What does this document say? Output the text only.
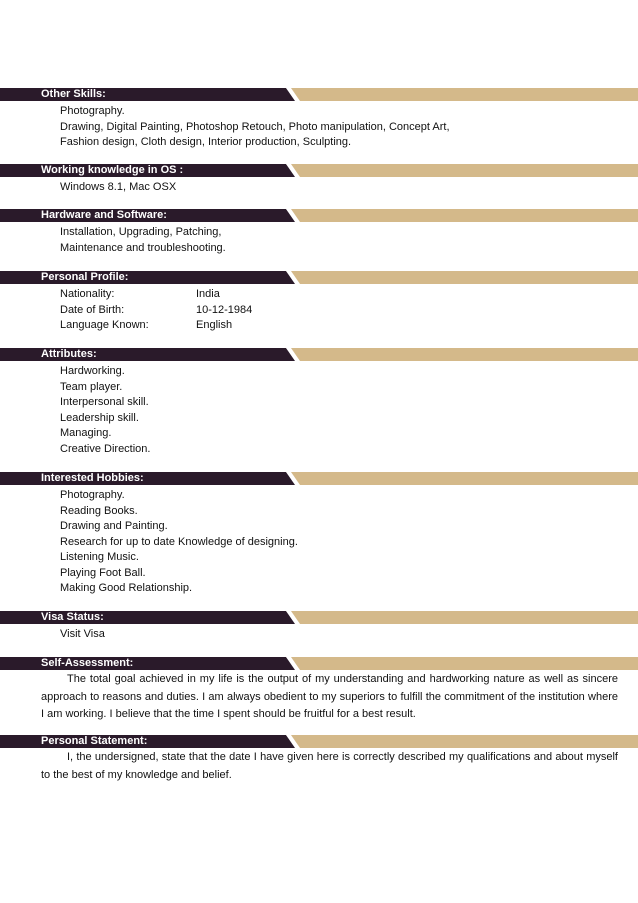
Other Skills:
Photography.
Drawing, Digital Painting, Photoshop Retouch, Photo manipulation, Concept Art,
Fashion design, Cloth design, Interior production, Sculpting.
Working knowledge in OS :
Windows 8.1, Mac OSX
Hardware and Software:
Installation, Upgrading, Patching,
Maintenance and troubleshooting.
Personal Profile:
Nationality:	India
Date of Birth:	10-12-1984
Language Known:	English
Attributes:
Hardworking.
Team player.
Interpersonal skill.
Leadership skill.
Managing.
Creative Direction.
Interested Hobbies:
Photography.
Reading Books.
Drawing and Painting.
Research for up to date Knowledge of designing.
Listening Music.
Playing Foot Ball.
Making Good Relationship.
Visa Status:
Visit Visa
Self-Assessment:
The total goal achieved in my life is the output of my understanding and hardworking nature as well as sincere approach to reasons and duties. I am always obedient to my superiors to fulfill the commitment of the institution where I am working. I believe that the time I spent should be fruitful for a best result.
Personal Statement:
I, the undersigned, state that the date I have given here is correctly described my qualifications and about myself to the best of my knowledge and belief.
